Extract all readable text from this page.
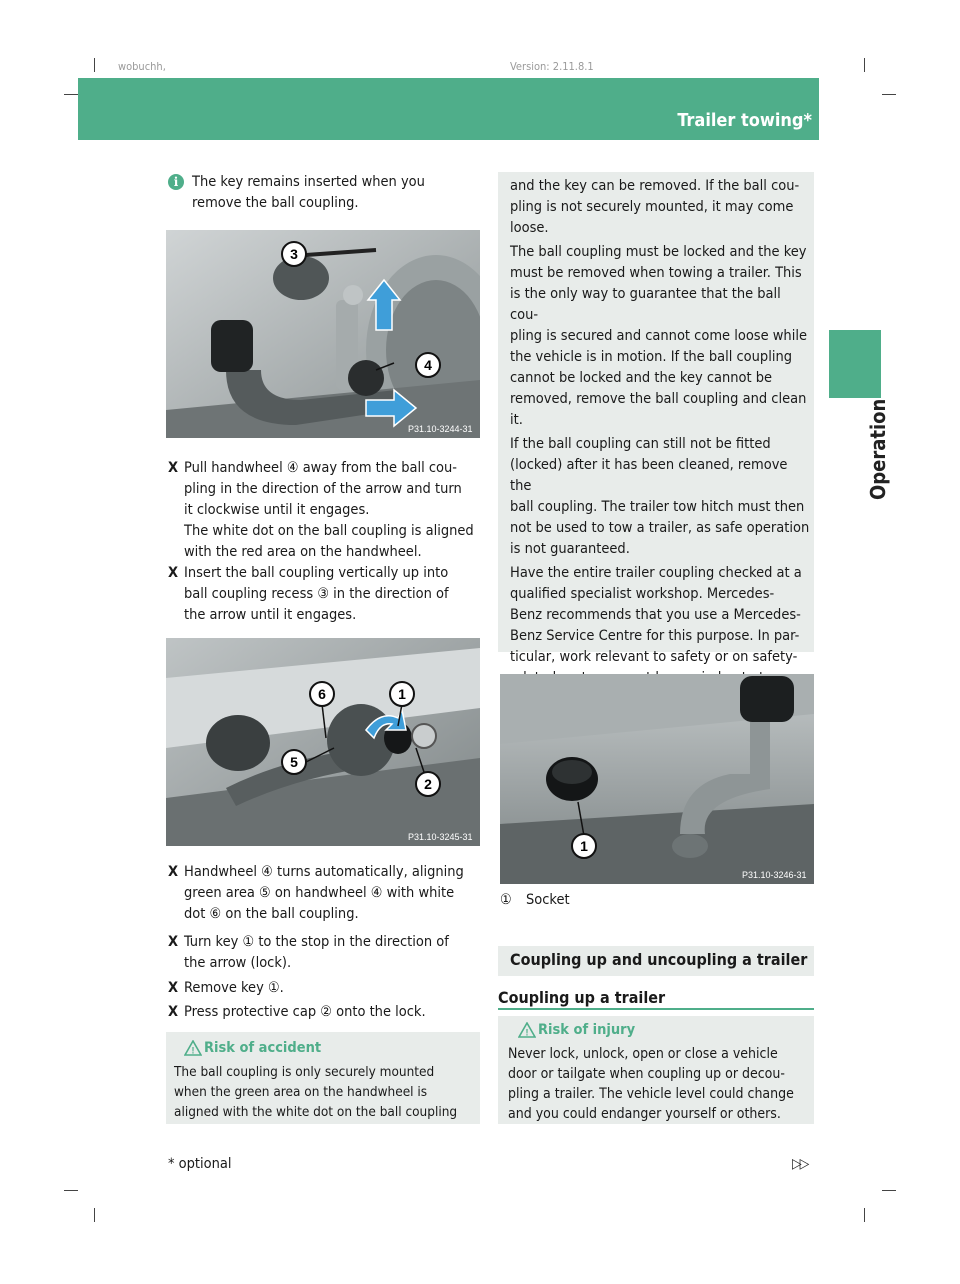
wobuchh,	Version: 2.11.8.1
Trailer towing* 195
Operation
i The key remains inserted when you
remove the ball coupling.
3
4
P31.10-3244-31
X Pull handwheel ④ away from the ball cou-
pling in the direction of the arrow and turn
it clockwise until it engages.
The white dot on the ball coupling is aligned
with the red area on the handwheel.
X Insert the ball coupling vertically up into
ball coupling recess ③ in the direction of
the arrow until it engages.
6	1
5
2
P31.10-3245-31
X Handwheel ④ turns automatically, aligning
green area ⑤ on handwheel ④ with white
dot ⑥ on the ball coupling.
X Turn key ① to the stop in the direction of
the arrow (lock).
X Remove key ①.
X Press protective cap ② onto the lock.
! Risk of accident
The ball coupling is only securely mounted
when the green area on the handwheel is
aligned with the white dot on the ball coupling
and the key can be removed. If the ball cou-
pling is not securely mounted, it may come
loose.
The ball coupling must be locked and the key
must be removed when towing a trailer. This
is the only way to guarantee that the ball cou-
pling is secured and cannot come loose while
the vehicle is in motion. If the ball coupling
cannot be locked and the key cannot be
removed, remove the ball coupling and clean
it.
If the ball coupling can still not be fitted
(locked) after it has been cleaned, remove the
ball coupling. The trailer tow hitch must then
not be used to tow a trailer, as safe operation
is not guaranteed.
Have the entire trailer coupling checked at a
qualified specialist workshop. Mercedes-
Benz recommends that you use a Mercedes-
Benz Service Centre for this purpose. In par-
ticular, work relevant to safety or on safety-
1
P31.10-3246-31
① Socket
Coupling up and uncoupling a trailer
Coupling up a trailer
! Risk of injury
Never lock, unlock, open or close a vehicle
door or tailgate when coupling up or decou-
pling a trailer. The vehicle level could change
and you could endanger yourself or others.
* optional	▷▷
